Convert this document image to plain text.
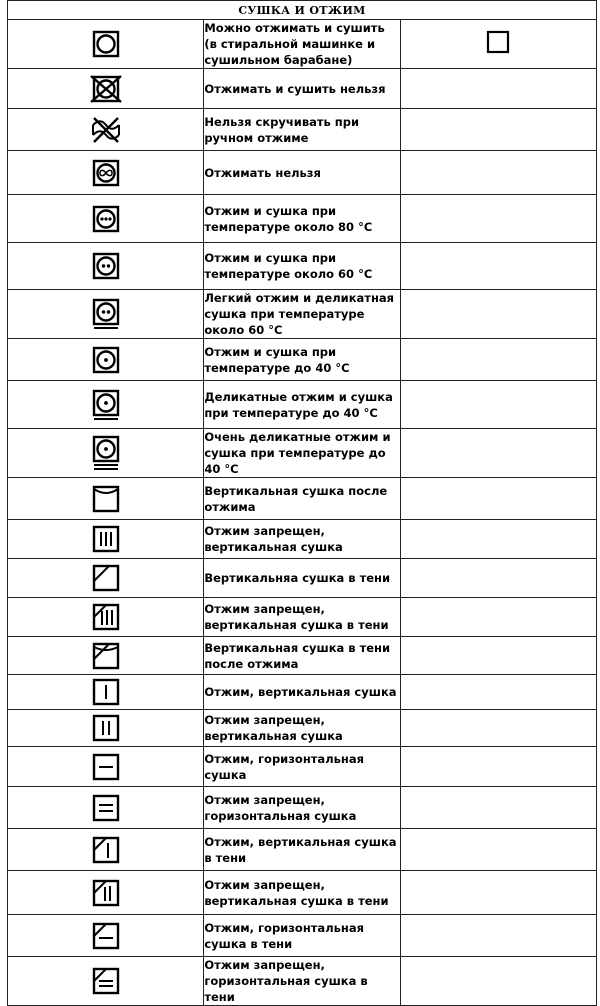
СУШКА И ОТЖИМ		

Можно отжимать и сушить (в стиральной машинке и сушильном барабане)

Отжимать и сушить нельзя	

Нельзя скручивать при ручном отжиме	

Отжимать нельзя	

Отжим и сушка при температуре около 80 °С	

Отжим и сушка при температуре около 60 °С	

Легкий отжим и деликатная сушка при температуре около 60 °С	

Отжим и сушка при температуре до 40 °С	

Деликатные отжим и сушка при температуре до 40 °С	

Очень деликатные отжим и сушка при температуре до 40 °С	

Вертикальная сушка после отжима	

Отжим запрещен, вертикальная сушка	

Вертикальняа сушка в тени	

Отжим запрещен, вертикальная сушка в тени	

Вертикальная сушка в тени после отжима	

Отжим, вертикальная сушка	

Отжим запрещен, вертикальная сушка	

Отжим, горизонтальная сушка	

Отжим запрещен, горизонтальная сушка	

Отжим, вертикальная сушка в тени	

Отжим запрещен, вертикальная сушка в тени	

Отжим, горизонтальная сушка в тени	

Отжим запрещен, горизонтальная сушка в тени	
